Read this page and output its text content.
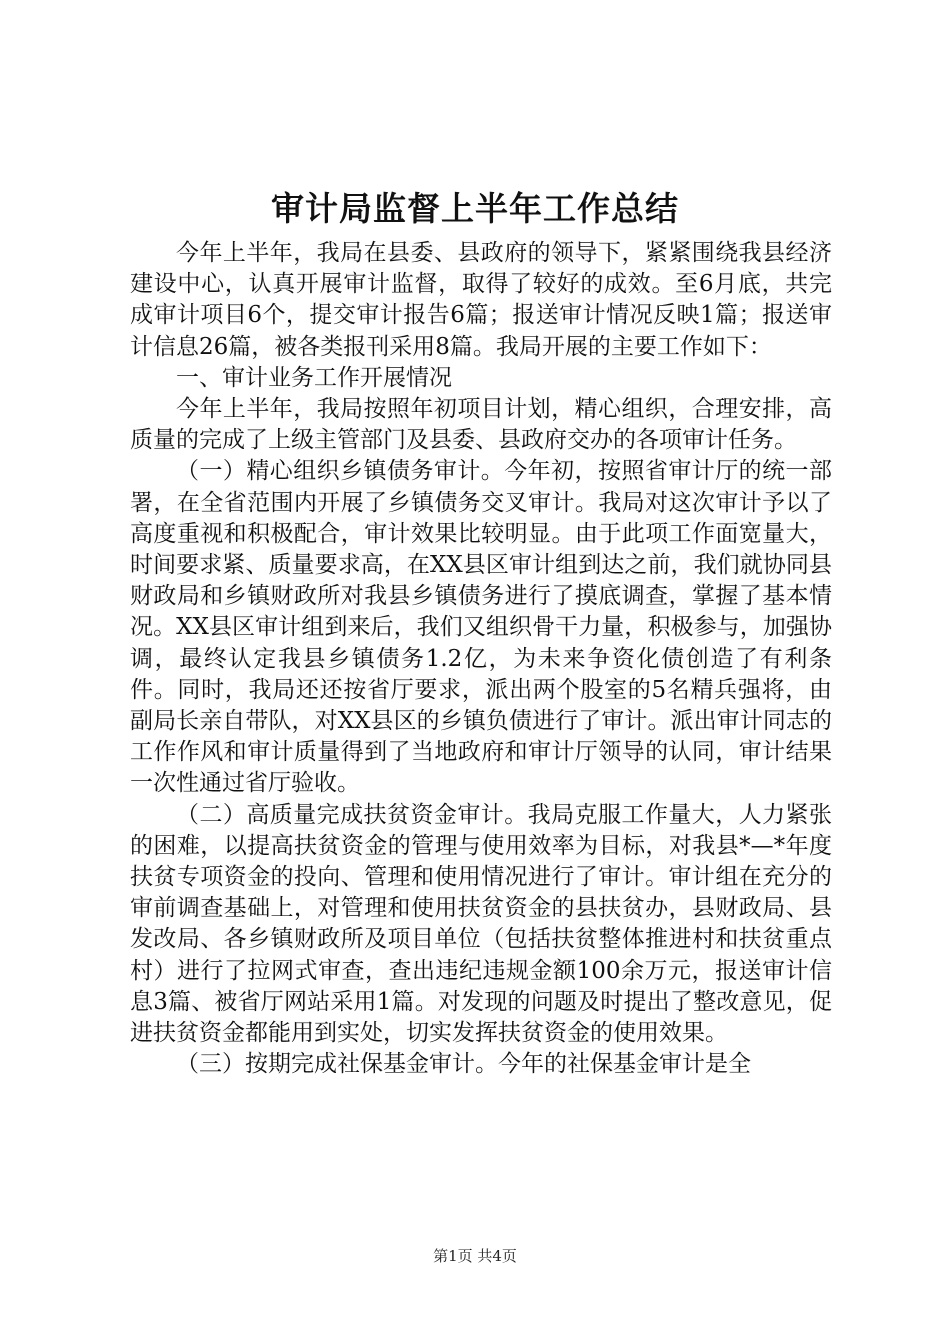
审计局监督上半年工作总结

今年上半年，我局在县委、县政府的领导下，紧紧围绕我县经济建设中心，认真开展审计监督，取得了较好的成效。至6月底，共完成审计项目6个，提交审计报告6篇；报送审计情况反映1篇；报送审计信息26篇，被各类报刊采用8篇。我局开展的主要工作如下：

一、审计业务工作开展情况

今年上半年，我局按照年初项目计划，精心组织，合理安排，高质量的完成了上级主管部门及县委、县政府交办的各项审计任务。

（一）精心组织乡镇债务审计。今年初，按照省审计厅的统一部署，在全省范围内开展了乡镇债务交叉审计。我局对这次审计予以了高度重视和积极配合，审计效果比较明显。由于此项工作面宽量大，时间要求紧、质量要求高，在XX县区审计组到达之前，我们就协同县财政局和乡镇财政所对我县乡镇债务进行了摸底调查，掌握了基本情况。XX县区审计组到来后，我们又组织骨干力量，积极参与，加强协调，最终认定我县乡镇债务1.2亿，为未来争资化债创造了有利条件。同时，我局还还按省厅要求，派出两个股室的5名精兵强将，由副局长亲自带队，对XX县区的乡镇负债进行了审计。派出审计同志的工作作风和审计质量得到了当地政府和审计厅领导的认同，审计结果一次性通过省厅验收。

（二）高质量完成扶贫资金审计。我局克服工作量大，人力紧张的困难，以提高扶贫资金的管理与使用效率为目标，对我县*—*年度扶贫专项资金的投向、管理和使用情况进行了审计。审计组在充分的审前调查基础上，对管理和使用扶贫资金的县扶贫办，县财政局、县发改局、各乡镇财政所及项目单位（包括扶贫整体推进村和扶贫重点村）进行了拉网式审查，查出违纪违规金额100余万元，报送审计信息3篇、被省厅网站采用1篇。对发现的问题及时提出了整改意见，促进扶贫资金都能用到实处，切实发挥扶贫资金的使用效果。

（三）按期完成社保基金审计。今年的社保基金审计是全

第1页 共4页
